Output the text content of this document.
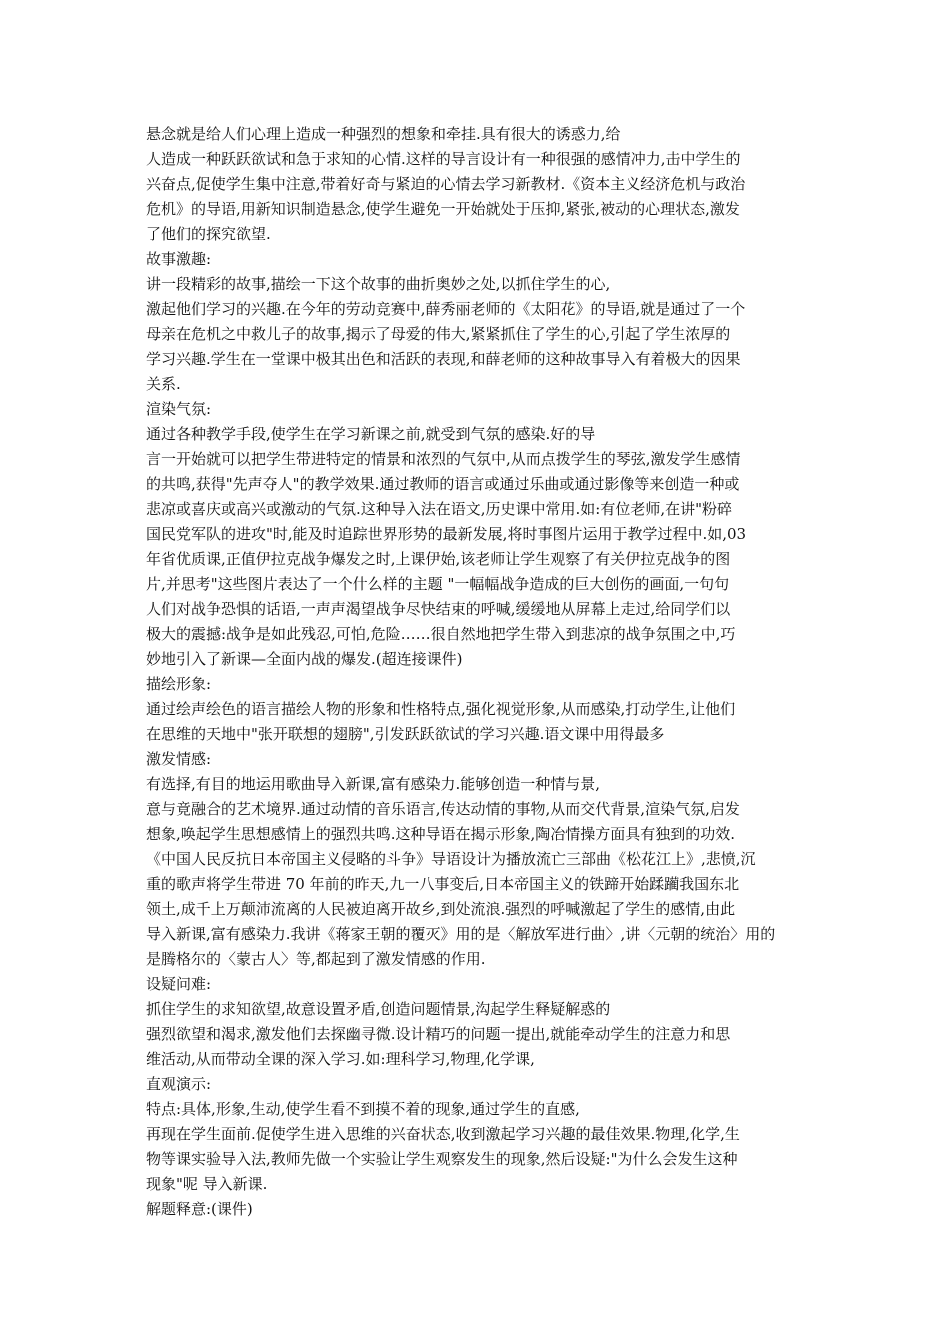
悬念就是给人们心理上造成一种强烈的想象和牵挂.具有很大的诱惑力,给
人造成一种跃跃欲试和急于求知的心情.这样的导言设计有一种很强的感情冲力,击中学生的
兴奋点,促使学生集中注意,带着好奇与紧迫的心情去学习新教材.《资本主义经济危机与政治
危机》的导语,用新知识制造悬念,使学生避免一开始就处于压抑,紧张,被动的心理状态,激发
了他们的探究欲望.
故事激趣:
讲一段精彩的故事,描绘一下这个故事的曲折奥妙之处,以抓住学生的心,
激起他们学习的兴趣.在今年的劳动竞赛中,薛秀丽老师的《太阳花》的导语,就是通过了一个
母亲在危机之中救儿子的故事,揭示了母爱的伟大,紧紧抓住了学生的心,引起了学生浓厚的
学习兴趣.学生在一堂课中极其出色和活跃的表现,和薛老师的这种故事导入有着极大的因果
关系.
渲染气氛:
通过各种教学手段,使学生在学习新课之前,就受到气氛的感染.好的导
言一开始就可以把学生带进特定的情景和浓烈的气氛中,从而点拨学生的琴弦,激发学生感情
的共鸣,获得"先声夺人"的教学效果.通过教师的语言或通过乐曲或通过影像等来创造一种或
悲凉或喜庆或高兴或激动的气氛.这种导入法在语文,历史课中常用.如:有位老师,在讲"粉碎
国民党军队的进攻"时,能及时追踪世界形势的最新发展,将时事图片运用于教学过程中.如,03
年省优质课,正值伊拉克战争爆发之时,上课伊始,该老师让学生观察了有关伊拉克战争的图
片,并思考"这些图片表达了一个什么样的主题 "一幅幅战争造成的巨大创伤的画面,一句句
人们对战争恐惧的话语,一声声渴望战争尽快结束的呼喊,缓缓地从屏幕上走过,给同学们以
极大的震撼:战争是如此残忍,可怕,危险……很自然地把学生带入到悲凉的战争氛围之中,巧
妙地引入了新课—全面内战的爆发.(超连接课件)
描绘形象:
通过绘声绘色的语言描绘人物的形象和性格特点,强化视觉形象,从而感染,打动学生,让他们
在思维的天地中"张开联想的翅膀",引发跃跃欲试的学习兴趣.语文课中用得最多
激发情感:
有选择,有目的地运用歌曲导入新课,富有感染力.能够创造一种情与景,
意与竟融合的艺术境界.通过动情的音乐语言,传达动情的事物,从而交代背景,渲染气氛,启发
想象,唤起学生思想感情上的强烈共鸣.这种导语在揭示形象,陶冶情操方面具有独到的功效.
《中国人民反抗日本帝国主义侵略的斗争》导语设计为播放流亡三部曲《松花江上》,悲愤,沉
重的歌声将学生带进 70 年前的昨天,九一八事变后,日本帝国主义的铁蹄开始蹂躏我国东北
领土,成千上万颠沛流离的人民被迫离开故乡,到处流浪.强烈的呼喊激起了学生的感情,由此
导入新课,富有感染力.我讲《蒋家王朝的覆灭》用的是〈解放军进行曲〉,讲〈元朝的统治〉用的
是腾格尔的〈蒙古人〉等,都起到了激发情感的作用.
设疑问难:
抓住学生的求知欲望,故意设置矛盾,创造问题情景,沟起学生释疑解惑的
强烈欲望和渴求,激发他们去探幽寻微.设计精巧的问题一提出,就能牵动学生的注意力和思
维活动,从而带动全课的深入学习.如:理科学习,物理,化学课,
直观演示:
特点:具体,形象,生动,使学生看不到摸不着的现象,通过学生的直感,
再现在学生面前.促使学生进入思维的兴奋状态,收到激起学习兴趣的最佳效果.物理,化学,生
物等课实验导入法,教师先做一个实验让学生观察发生的现象,然后设疑:"为什么会发生这种
现象"呢 导入新课.
解题释意:(课件)
